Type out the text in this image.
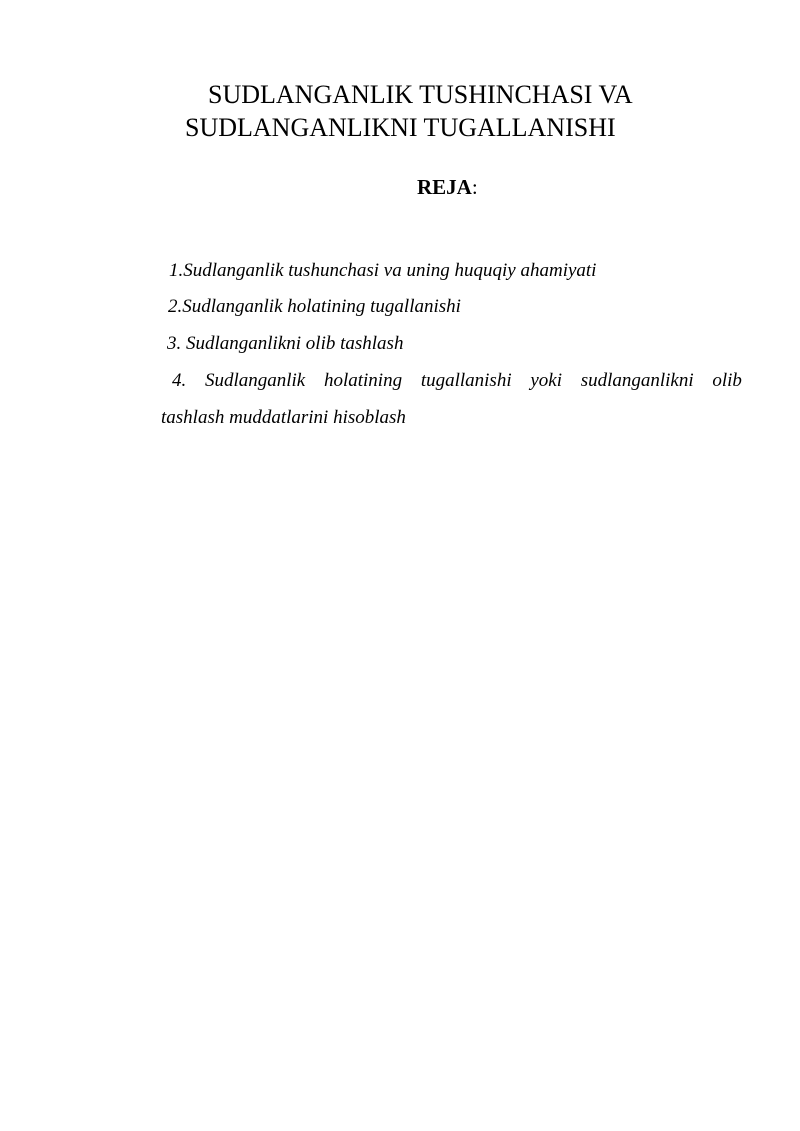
SUDLANGANLIK TUSHINCHASI VA
SUDLANGANLIKNI TUGALLANISHI

REJA:

1.Sudlanganlik tushunchasi va uning huquqiy ahamiyati

2.Sudlanganlik holatining tugallanishi

3. Sudlanganlikni olib tashlash

4. Sudlanganlik holatining tugallanishi yoki sudlanganlikni olib

tashlash muddatlarini hisoblash
